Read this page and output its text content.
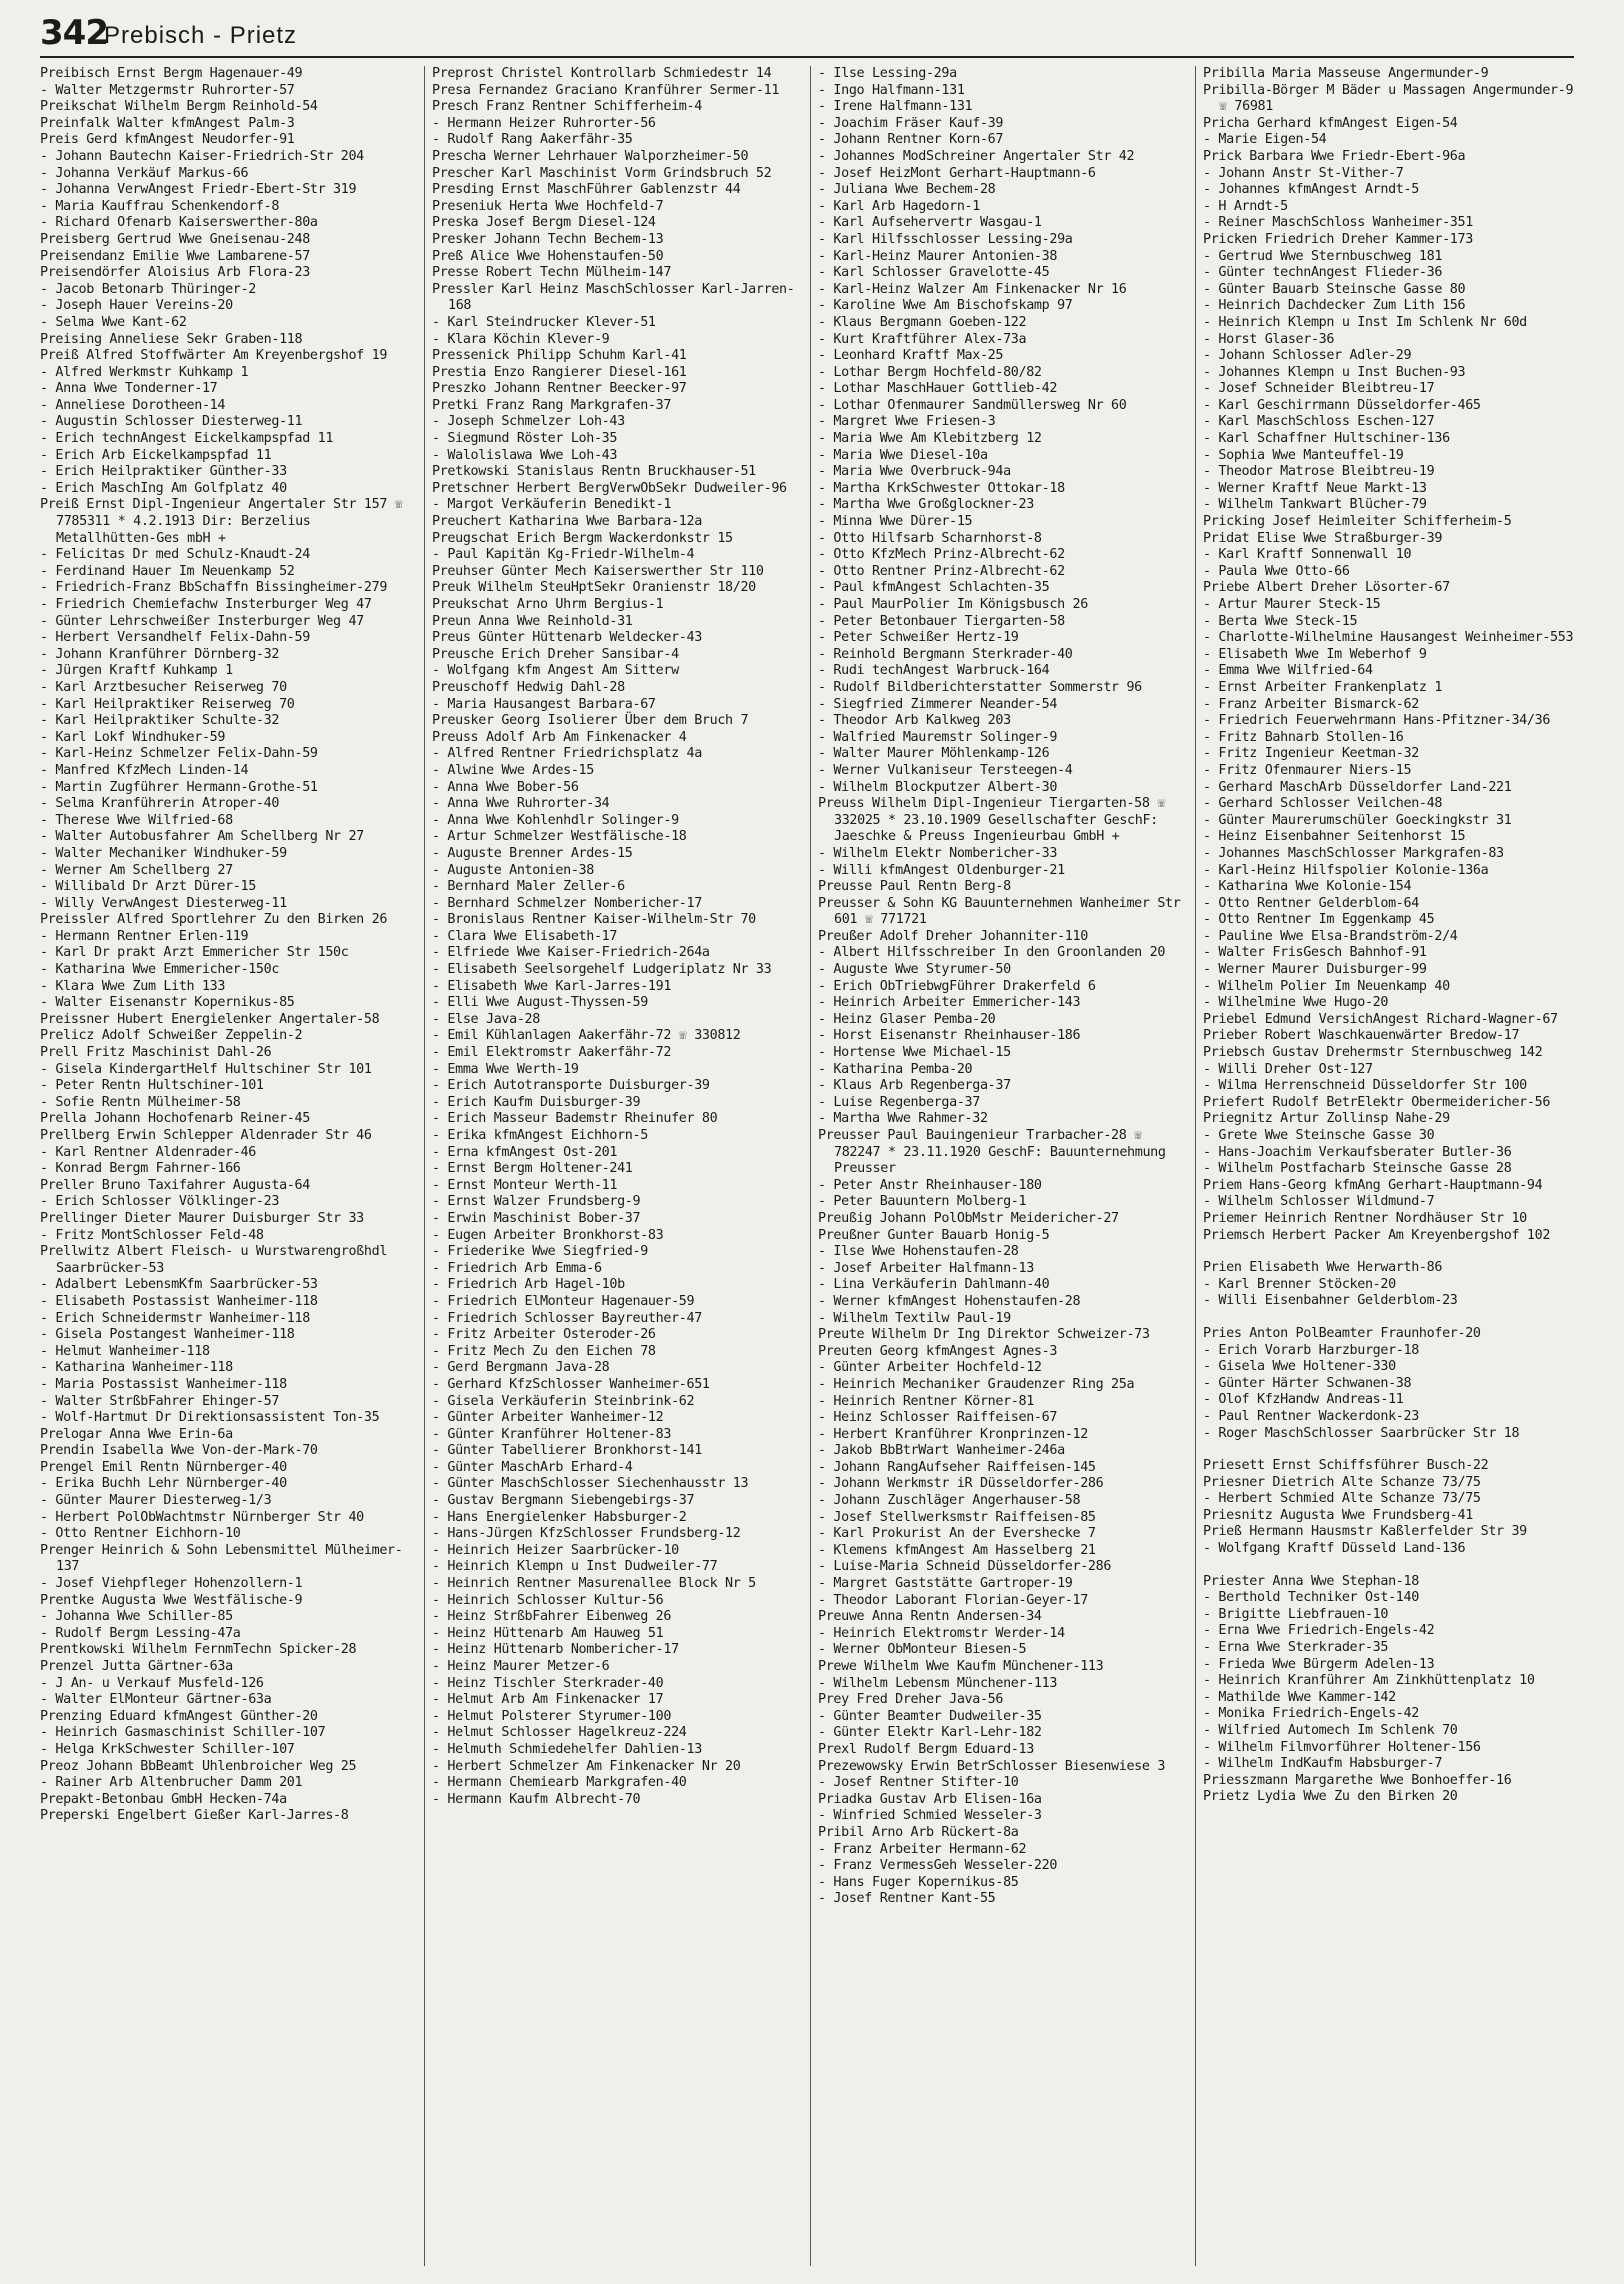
342
Prebisch - Prietz
Preibisch Ernst Bergm Hagenauer-49
- Walter Metzgermstr Ruhrorter-57
Preikschat Wilhelm Bergm Reinhold-54
Preinfalk Walter kfmAngest Palm-3
Preis Gerd kfmAngest Neudorfer-91
- Johann Bautechn Kaiser-Friedrich-Str 204
- Johanna Verkäuf Markus-66
- Johanna VerwAngest Friedr-Ebert-Str 319
- Maria Kauffrau Schenkendorf-8
- Richard Ofenarb Kaiserswerther-80a
Preisberg Gertrud Wwe Gneisenau-248
Preisendanz Emilie Wwe Lambarene-57
Preisendörfer Aloisius Arb Flora-23
- Jacob Betonarb Thüringer-2
- Joseph Hauer Vereins-20
- Selma Wwe Kant-62
Preising Anneliese Sekr Graben-118
Preiß Alfred Stoffwärter Am Kreyenbergshof 19
- Alfred Werkmstr Kuhkamp 1
- Anna Wwe Tonderner-17
- Anneliese Dorotheen-14
- Augustin Schlosser Diesterweg-11
- Erich technAngest Eickelkampspfad 11
- Erich Arb Eickelkampspfad 11
- Erich Heilpraktiker Günther-33
- Erich MaschIng Am Golfplatz 40
Preiß Ernst Dipl-Ingenieur Angertaler Str 157 ☏ 7785311 * 4.2.1913 Dir: Berzelius Metallhütten-Ges mbH +
- Felicitas Dr med Schulz-Knaudt-24
- Ferdinand Hauer Im Neuenkamp 52
- Friedrich-Franz BbSchaffn Bissingheimer-279
- Friedrich Chemiefachw Insterburger Weg 47
- Günter Lehrschweißer Insterburger Weg 47
- Herbert Versandhelf Felix-Dahn-59
- Johann Kranführer Dörnberg-32
- Jürgen Kraftf Kuhkamp 1
- Karl Arztbesucher Reiserweg 70
- Karl Heilpraktiker Reiserweg 70
- Karl Heilpraktiker Schulte-32
- Karl Lokf Windhuker-59
- Karl-Heinz Schmelzer Felix-Dahn-59
- Manfred KfzMech Linden-14
- Martin Zugführer Hermann-Grothe-51
- Selma Kranführerin Atroper-40
- Therese Wwe Wilfried-68
- Walter Autobusfahrer Am Schellberg Nr 27
- Walter Mechaniker Windhuker-59
- Werner Am Schellberg 27
- Willibald Dr Arzt Dürer-15
- Willy VerwAngest Diesterweg-11
Preissler Alfred Sportlehrer Zu den Birken 26
- Hermann Rentner Erlen-119
- Karl Dr prakt Arzt Emmericher Str 150c
- Katharina Wwe Emmericher-150c
- Klara Wwe Zum Lith 133
- Walter Eisenanstr Kopernikus-85
Preissner Hubert Energielenker Angertaler-58
Prelicz Adolf Schweißer Zeppelin-2
Prell Fritz Maschinist Dahl-26
- Gisela KindergartHelf Hultschiner Str 101
- Peter Rentn Hultschiner-101
- Sofie Rentn Mülheimer-58
Prella Johann Hochofenarb Reiner-45
Prellberg Erwin Schlepper Aldenrader Str 46
- Karl Rentner Aldenrader-46
- Konrad Bergm Fahrner-166
Preller Bruno Taxifahrer Augusta-64
- Erich Schlosser Völklinger-23
Prellinger Dieter Maurer Duisburger Str 33
- Fritz MontSchlosser Feld-48
Prellwitz Albert Fleisch- u Wurstwarengroßhdl Saarbrücker-53
- Adalbert LebensmKfm Saarbrücker-53
- Elisabeth Postassist Wanheimer-118
- Erich Schneidermstr Wanheimer-118
- Gisela Postangest Wanheimer-118
- Helmut Wanheimer-118
- Katharina Wanheimer-118
- Maria Postassist Wanheimer-118
- Walter StrßbFahrer Ehinger-57
- Wolf-Hartmut Dr Direktionsassistent Ton-35
Prelogar Anna Wwe Erin-6a
Prendin Isabella Wwe Von-der-Mark-70
Prengel Emil Rentn Nürnberger-40
- Erika Buchh Lehr Nürnberger-40
- Günter Maurer Diesterweg-1/3
- Herbert PolObWachtmstr Nürnberger Str 40
- Otto Rentner Eichhorn-10
Prenger Heinrich & Sohn Lebensmittel Mülheimer-137
- Josef Viehpfleger Hohenzollern-1
Prentke Augusta Wwe Westfälische-9
- Johanna Wwe Schiller-85
- Rudolf Bergm Lessing-47a
Prentkowski Wilhelm FernmTechn Spicker-28
Prenzel Jutta Gärtner-63a
- J An- u Verkauf Musfeld-126
- Walter ElMonteur Gärtner-63a
Prenzing Eduard kfmAngest Günther-20
- Heinrich Gasmaschinist Schiller-107
- Helga KrkSchwester Schiller-107
Preoz Johann BbBeamt Uhlenbroicher Weg 25
- Rainer Arb Altenbrucher Damm 201
Prepakt-Betonbau GmbH Hecken-74a
Preperski Engelbert Gießer Karl-Jarres-8
Preprost Christel Kontrollarb Schmiedestr 14
Presa Fernandez Graciano Kranführer Sermer-11
Presch Franz Rentner Schifferheim-4
- Hermann Heizer Ruhrorter-56
- Rudolf Rang Aakerfähr-35
Prescha Werner Lehrhauer Walporzheimer-50
Prescher Karl Maschinist Vorm Grindsbruch 52
Presding Ernst MaschFührer Gablenzstr 44
Preseniuk Herta Wwe Hochfeld-7
Preska Josef Bergm Diesel-124
Presker Johann Techn Bechem-13
Preß Alice Wwe Hohenstaufen-50
Presse Robert Techn Mülheim-147
Pressler Karl Heinz MaschSchlosser Karl-Jarren-168
- Karl Steindrucker Klever-51
- Klara Köchin Klever-9
Pressenick Philipp Schuhm Karl-41
Prestia Enzo Rangierer Diesel-161
Preszko Johann Rentner Beecker-97
Pretki Franz Rang Markgrafen-37
- Joseph Schmelzer Loh-43
- Siegmund Röster Loh-35
- Walolislawa Wwe Loh-43
Pretkowski Stanislaus Rentn Bruckhauser-51
Pretschner Herbert BergVerwObSekr Dudweiler-96
- Margot Verkäuferin Benedikt-1
Preuchert Katharina Wwe Barbara-12a
Preugschat Erich Bergm Wackerdonkstr 15
- Paul Kapitän Kg-Friedr-Wilhelm-4
Preuhser Günter Mech Kaiserswerther Str 110
Preuk Wilhelm SteuHptSekr Oranienstr 18/20
Preukschat Arno Uhrm Bergius-1
Preun Anna Wwe Reinhold-31
Preus Günter Hüttenarb Weldecker-43
Preusche Erich Dreher Sansibar-4
- Wolfgang kfm Angest Am Sitterw
Preuschoff Hedwig Dahl-28
- Maria Hausangest Barbara-67
Preusker Georg Isolierer Über dem Bruch 7
Preuss Adolf Arb Am Finkenacker 4
- Alfred Rentner Friedrichsplatz 4a
- Alwine Wwe Ardes-15
- Anna Wwe Bober-56
- Anna Wwe Ruhrorter-34
- Anna Wwe Kohlenhdlr Solinger-9
- Artur Schmelzer Westfälische-18
- Auguste Brenner Ardes-15
- Auguste Antonien-38
- Bernhard Maler Zeller-6
- Bernhard Schmelzer Nombericher-17
- Bronislaus Rentner Kaiser-Wilhelm-Str 70
- Clara Wwe Elisabeth-17
- Elfriede Wwe Kaiser-Friedrich-264a
- Elisabeth Seelsorgehelf Ludgeriplatz Nr 33
- Elisabeth Wwe Karl-Jarres-191
- Elli Wwe August-Thyssen-59
- Else Java-28
- Emil Kühlanlagen Aakerfähr-72 ☏ 330812
- Emil Elektromstr Aakerfähr-72
- Emma Wwe Werth-19
- Erich Autotransporte Duisburger-39
- Erich Kaufm Duisburger-39
- Erich Masseur Bademstr Rheinufer 80
- Erika kfmAngest Eichhorn-5
- Erna kfmAngest Ost-201
- Ernst Bergm Holtener-241
- Ernst Monteur Werth-11
- Ernst Walzer Frundsberg-9
- Erwin Maschinist Bober-37
- Eugen Arbeiter Bronkhorst-83
- Friederike Wwe Siegfried-9
- Friedrich Arb Emma-6
- Friedrich Arb Hagel-10b
- Friedrich ElMonteur Hagenauer-59
- Friedrich Schlosser Bayreuther-47
- Fritz Arbeiter Osteroder-26
- Fritz Mech Zu den Eichen 78
- Gerd Bergmann Java-28
- Gerhard KfzSchlosser Wanheimer-651
- Gisela Verkäuferin Steinbrink-62
- Günter Arbeiter Wanheimer-12
- Günter Kranführer Holtener-83
- Günter Tabellierer Bronkhorst-141
- Günter MaschArb Erhard-4
- Günter MaschSchlosser Siechenhausstr 13
- Gustav Bergmann Siebengebirgs-37
- Hans Energielenker Habsburger-2
- Hans-Jürgen KfzSchlosser Frundsberg-12
- Heinrich Heizer Saarbrücker-10
- Heinrich Klempn u Inst Dudweiler-77
- Heinrich Rentner Masurenallee Block Nr 5
- Heinrich Schlosser Kultur-56
- Heinz StrßbFahrer Eibenweg 26
- Heinz Hüttenarb Am Hauweg 51
- Heinz Hüttenarb Nombericher-17
- Heinz Maurer Metzer-6
- Heinz Tischler Sterkrader-40
- Helmut Arb Am Finkenacker 17
- Helmut Polsterer Styrumer-100
- Helmut Schlosser Hagelkreuz-224
- Helmuth Schmiedehelfer Dahlien-13
- Herbert Schmelzer Am Finkenacker Nr 20
- Hermann Chemiearb Markgrafen-40
- Hermann Kaufm Albrecht-70
- Ilse Lessing-29a
- Ingo Halfmann-131
- Irene Halfmann-131
- Joachim Fräser Kauf-39
- Johann Rentner Korn-67
- Johannes ModSchreiner Angertaler Str 42
- Josef HeizMont Gerhart-Hauptmann-6
- Juliana Wwe Bechem-28
- Karl Arb Hagedorn-1
- Karl Aufsehervertr Wasgau-1
- Karl Hilfsschlosser Lessing-29a
- Karl-Heinz Maurer Antonien-38
- Karl Schlosser Gravelotte-45
- Karl-Heinz Walzer Am Finkenacker Nr 16
- Karoline Wwe Am Bischofskamp 97
- Klaus Bergmann Goeben-122
- Kurt Kraftführer Alex-73a
- Leonhard Kraftf Max-25
- Lothar Bergm Hochfeld-80/82
- Lothar MaschHauer Gottlieb-42
- Lothar Ofenmaurer Sandmüllersweg Nr 60
- Margret Wwe Friesen-3
- Maria Wwe Am Klebitzberg 12
- Maria Wwe Diesel-10a
- Maria Wwe Overbruck-94a
- Martha KrkSchwester Ottokar-18
- Martha Wwe Großglockner-23
- Minna Wwe Dürer-15
- Otto Hilfsarb Scharnhorst-8
- Otto KfzMech Prinz-Albrecht-62
- Otto Rentner Prinz-Albrecht-62
- Paul kfmAngest Schlachten-35
- Paul MaurPolier Im Königsbusch 26
- Peter Betonbauer Tiergarten-58
- Peter Schweißer Hertz-19
- Reinhold Bergmann Sterkrader-40
- Rudi techAngest Warbruck-164
- Rudolf Bildberichterstatter Sommerstr 96
- Siegfried Zimmerer Neander-54
- Theodor Arb Kalkweg 203
- Walfried Mauremstr Solinger-9
- Walter Maurer Möhlenkamp-126
- Werner Vulkaniseur Tersteegen-4
- Wilhelm Blockputzer Albert-30
Preuss Wilhelm Dipl-Ingenieur Tiergarten-58 ☏ 332025 * 23.10.1909 Gesellschafter GeschF: Jaeschke & Preuss Ingenieurbau GmbH +
- Wilhelm Elektr Nombericher-33
- Willi kfmAngest Oldenburger-21
Preusse Paul Rentn Berg-8
Preusser & Sohn KG Bauunternehmen Wanheimer Str 601 ☏ 771721
Preußer Adolf Dreher Johanniter-110
- Albert Hilfsschreiber In den Groonlanden 20
- Auguste Wwe Styrumer-50
- Erich ObTriebwgFührer Drakerfeld 6
- Heinrich Arbeiter Emmericher-143
- Heinz Glaser Pemba-20
- Horst Eisenanstr Rheinhauser-186
- Hortense Wwe Michael-15
- Katharina Pemba-20
- Klaus Arb Regenberga-37
- Luise Regenberga-37
- Martha Wwe Rahmer-32
Preusser Paul Bauingenieur Trarbacher-28 ☏ 782247 * 23.11.1920 GeschF: Bauunternehmung Preusser
- Peter Anstr Rheinhauser-180
- Peter Bauuntern Molberg-1
Preußig Johann PolObMstr Meidericher-27
Preußner Gunter Bauarb Honig-5
- Ilse Wwe Hohenstaufen-28
- Josef Arbeiter Halfmann-13
- Lina Verkäuferin Dahlmann-40
- Werner kfmAngest Hohenstaufen-28
- Wilhelm Textilw Paul-19
Preute Wilhelm Dr Ing Direktor Schweizer-73
Preuten Georg kfmAngest Agnes-3
- Günter Arbeiter Hochfeld-12
- Heinrich Mechaniker Graudenzer Ring 25a
- Heinrich Rentner Körner-81
- Heinz Schlosser Raiffeisen-67
- Herbert Kranführer Kronprinzen-12
- Jakob BbBtrWart Wanheimer-246a
- Johann RangAufseher Raiffeisen-145
- Johann Werkmstr iR Düsseldorfer-286
- Johann Zuschläger Angerhauser-58
- Josef Stellwerksmstr Raiffeisen-85
- Karl Prokurist An der Evershecke 7
- Klemens kfmAngest Am Hasselberg 21
- Luise-Maria Schneid Düsseldorfer-286
- Margret Gaststätte Gartroper-19
- Theodor Laborant Florian-Geyer-17
Preuwe Anna Rentn Andersen-34
- Heinrich Elektromstr Werder-14
- Werner ObMonteur Biesen-5
Prewe Wilhelm Wwe Kaufm Münchener-113
- Wilhelm Lebensm Münchener-113
Prey Fred Dreher Java-56
- Günter Beamter Dudweiler-35
- Günter Elektr Karl-Lehr-182
Prexl Rudolf Bergm Eduard-13
Prezewowsky Erwin BetrSchlosser Biesenwiese 3
- Josef Rentner Stifter-10
Priadka Gustav Arb Elisen-16a
- Winfried Schmied Wesseler-3
Pribil Arno Arb Rückert-8a
- Franz Arbeiter Hermann-62
- Franz VermessGeh Wesseler-220
- Hans Fuger Kopernikus-85
- Josef Rentner Kant-55
Pribilla Maria Masseuse Angermunder-9
Pribilla-Börger M Bäder u Massagen Angermunder-9 ☏ 76981
Pricha Gerhard kfmAngest Eigen-54
- Marie Eigen-54
Prick Barbara Wwe Friedr-Ebert-96a
- Johann Anstr St-Vither-7
- Johannes kfmAngest Arndt-5
- H Arndt-5
- Reiner MaschSchloss Wanheimer-351
Pricken Friedrich Dreher Kammer-173
- Gertrud Wwe Sternbuschweg 181
- Günter technAngest Flieder-36
- Günter Bauarb Steinsche Gasse 80
- Heinrich Dachdecker Zum Lith 156
- Heinrich Klempn u Inst Im Schlenk Nr 60d
- Horst Glaser-36
- Johann Schlosser Adler-29
- Johannes Klempn u Inst Buchen-93
- Josef Schneider Bleibtreu-17
- Karl Geschirrmann Düsseldorfer-465
- Karl MaschSchloss Eschen-127
- Karl Schaffner Hultschiner-136
- Sophia Wwe Manteuffel-19
- Theodor Matrose Bleibtreu-19
- Werner Kraftf Neue Markt-13
- Wilhelm Tankwart Blücher-79
Pricking Josef Heimleiter Schifferheim-5
Pridat Elise Wwe Straßburger-39
- Karl Kraftf Sonnenwall 10
- Paula Wwe Otto-66
Priebe Albert Dreher Lösorter-67
- Artur Maurer Steck-15
- Berta Wwe Steck-15
- Charlotte-Wilhelmine Hausangest Weinheimer-553
- Elisabeth Wwe Im Weberhof 9
- Emma Wwe Wilfried-64
- Ernst Arbeiter Frankenplatz 1
- Franz Arbeiter Bismarck-62
- Friedrich Feuerwehrmann Hans-Pfitzner-34/36
- Fritz Bahnarb Stollen-16
- Fritz Ingenieur Keetman-32
- Fritz Ofenmaurer Niers-15
- Gerhard MaschArb Düsseldorfer Land-221
- Gerhard Schlosser Veilchen-48
- Günter Maurerumschüler Goeckingkstr 31
- Heinz Eisenbahner Seitenhorst 15
- Johannes MaschSchlosser Markgrafen-83
- Karl-Heinz Hilfspolier Kolonie-136a
- Katharina Wwe Kolonie-154
- Otto Rentner Gelderblom-64
- Otto Rentner Im Eggenkamp 45
- Pauline Wwe Elsa-Brandström-2/4
- Walter FrisGesch Bahnhof-91
- Werner Maurer Duisburger-99
- Wilhelm Polier Im Neuenkamp 40
- Wilhelmine Wwe Hugo-20
Priebel Edmund VersichAngest Richard-Wagner-67
Prieber Robert Waschkauenwärter Bredow-17
Priebsch Gustav Drehermstr Sternbuschweg 142
- Willi Dreher Ost-127
- Wilma Herrenschneid Düsseldorfer Str 100
Priefert Rudolf BetrElektr Obermeidericher-56
Priegnitz Artur Zollinsp Nahe-29
- Grete Wwe Steinsche Gasse 30
- Hans-Joachim Verkaufsberater Butler-36
- Wilhelm Postfacharb Steinsche Gasse 28
Priem Hans-Georg kfmAng Gerhart-Hauptmann-94
- Wilhelm Schlosser Wildmund-7
Priemer Heinrich Rentner Nordhäuser Str 10
Priemsch Herbert Packer Am Kreyenbergshof 102
Prien Elisabeth Wwe Herwarth-86
- Karl Brenner Stöcken-20
- Willi Eisenbahner Gelderblom-23
Pries Anton PolBeamter Fraunhofer-20
- Erich Vorarb Harzburger-18
- Gisela Wwe Holtener-330
- Günter Härter Schwanen-38
- Olof KfzHandw Andreas-11
- Paul Rentner Wackerdonk-23
- Roger MaschSchlosser Saarbrücker Str 18
Priesett Ernst Schiffsführer Busch-22
Priesner Dietrich Alte Schanze 73/75
- Herbert Schmied Alte Schanze 73/75
Priesnitz Augusta Wwe Frundsberg-41
Prieß Hermann Hausmstr Kaßlerfelder Str 39
- Wolfgang Kraftf Düsseld Land-136
Priester Anna Wwe Stephan-18
- Berthold Techniker Ost-140
- Brigitte Liebfrauen-10
- Erna Wwe Friedrich-Engels-42
- Erna Wwe Sterkrader-35
- Frieda Wwe Bürgerm Adelen-13
- Heinrich Kranführer Am Zinkhüttenplatz 10
- Mathilde Wwe Kammer-142
- Monika Friedrich-Engels-42
- Wilfried Automech Im Schlenk 70
- Wilhelm Filmvorführer Holtener-156
- Wilhelm IndKaufm Habsburger-7
Priesszmann Margarethe Wwe Bonhoeffer-16
Prietz Lydia Wwe Zu den Birken 20
